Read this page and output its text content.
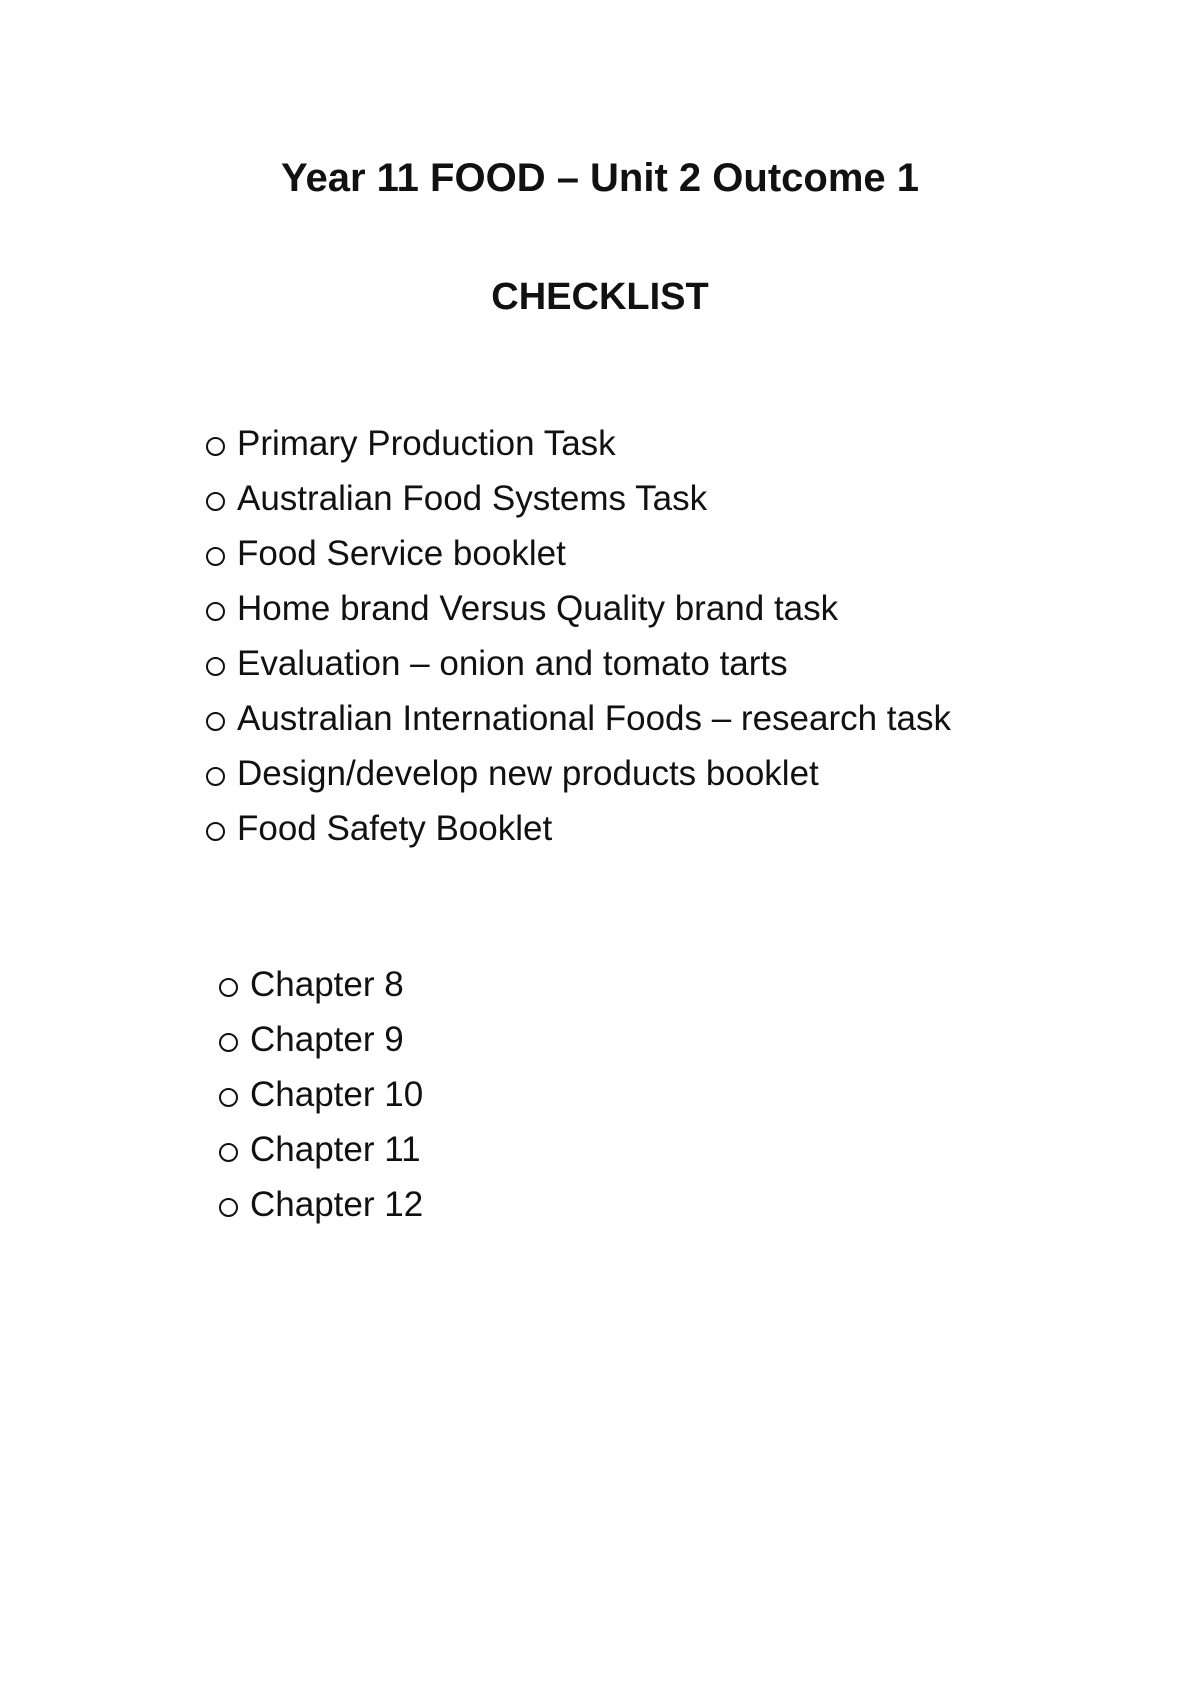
Year 11 FOOD – Unit 2 Outcome 1
CHECKLIST
Primary Production Task
Australian Food Systems Task
Food Service booklet
Home brand Versus Quality brand task
Evaluation – onion and tomato tarts
Australian International Foods – research task
Design/develop new products booklet
Food Safety Booklet
Chapter 8
Chapter 9
Chapter 10
Chapter 11
Chapter 12
